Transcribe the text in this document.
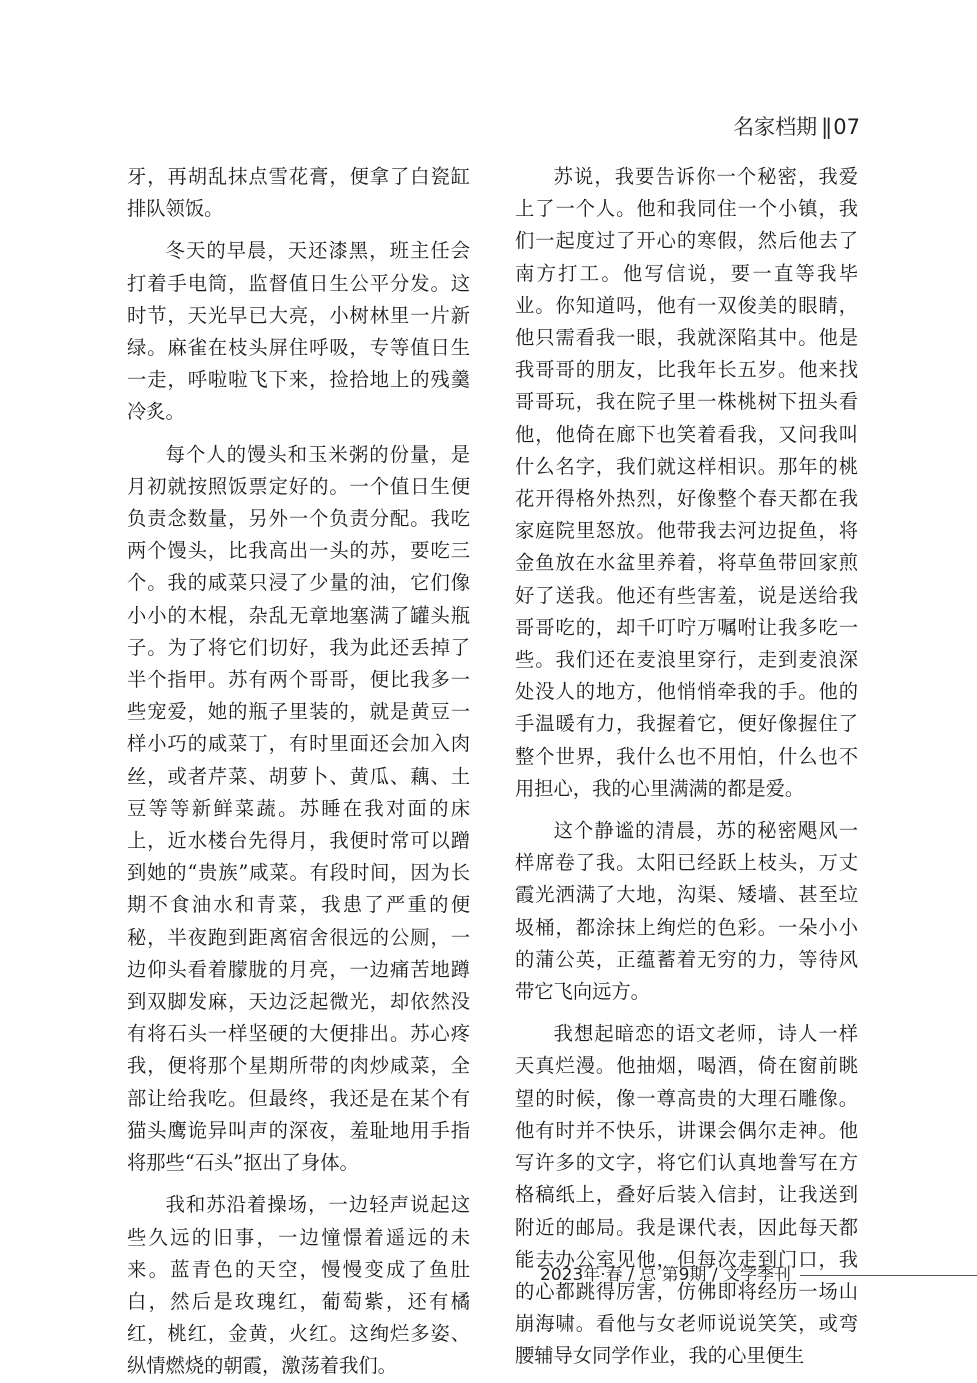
名家档期 || 07

牙，再胡乱抹点雪花膏，便拿了白瓷缸排队领饭。

冬天的早晨，天还漆黑，班主任会打着手电筒，监督值日生公平分发。这时节，天光早已大亮，小树林里一片新绿。麻雀在枝头屏住呼吸，专等值日生一走，呼啦啦飞下来，捡拾地上的残羹冷炙。

每个人的馒头和玉米粥的份量，是月初就按照饭票定好的。一个值日生便负责念数量，另外一个负责分配。我吃两个馒头，比我高出一头的苏，要吃三个。我的咸菜只浸了少量的油，它们像小小的木棍，杂乱无章地塞满了罐头瓶子。为了将它们切好，我为此还丢掉了半个指甲。苏有两个哥哥，便比我多一些宠爱，她的瓶子里装的，就是黄豆一样小巧的咸菜丁，有时里面还会加入肉丝，或者芹菜、胡萝卜、黄瓜、藕、土豆等等新鲜菜蔬。苏睡在我对面的床上，近水楼台先得月，我便时常可以蹭到她的“贵族”咸菜。有段时间，因为长期不食油水和青菜，我患了严重的便秘，半夜跑到距离宿舍很远的公厕，一边仰头看着朦胧的月亮，一边痛苦地蹲到双脚发麻，天边泛起微光，却依然没有将石头一样坚硬的大便排出。苏心疼我，便将那个星期所带的肉炒咸菜，全部让给我吃。但最终，我还是在某个有猫头鹰诡异叫声的深夜，羞耻地用手指将那些“石头”抠出了身体。

我和苏沿着操场，一边轻声说起这些久远的旧事，一边憧憬着遥远的未来。蓝青色的天空，慢慢变成了鱼肚白，然后是玫瑰红，葡萄紫，还有橘红，桃红，金黄，火红。这绚烂多姿、纵情燃烧的朝霞，激荡着我们。

苏说，我要告诉你一个秘密，我爱上了一个人。他和我同住一个小镇，我们一起度过了开心的寒假，然后他去了南方打工。他写信说，要一直等我毕业。你知道吗，他有一双俊美的眼睛，他只需看我一眼，我就深陷其中。他是我哥哥的朋友，比我年长五岁。他来找哥哥玩，我在院子里一株桃树下扭头看他，他倚在廊下也笑着看我，又问我叫什么名字，我们就这样相识。那年的桃花开得格外热烈，好像整个春天都在我家庭院里怒放。他带我去河边捉鱼，将金鱼放在水盆里养着，将草鱼带回家煎好了送我。他还有些害羞，说是送给我哥哥吃的，却千叮咛万嘱咐让我多吃一些。我们还在麦浪里穿行，走到麦浪深处没人的地方，他悄悄牵我的手。他的手温暖有力，我握着它，便好像握住了整个世界，我什么也不用怕，什么也不用担心，我的心里满满的都是爱。

这个静谧的清晨，苏的秘密飓风一样席卷了我。太阳已经跃上枝头，万丈霞光洒满了大地，沟渠、矮墙、甚至垃圾桶，都涂抹上绚烂的色彩。一朵小小的蒲公英，正蕴蓄着无穷的力，等待风带它飞向远方。

我想起暗恋的语文老师，诗人一样天真烂漫。他抽烟，喝酒，倚在窗前眺望的时候，像一尊高贵的大理石雕像。他有时并不快乐，讲课会偶尔走神。他写许多的文字，将它们认真地誊写在方格稿纸上，叠好后装入信封，让我送到附近的邮局。我是课代表，因此每天都能去办公室见他，但每次走到门口，我的心都跳得厉害，仿佛即将经历一场山崩海啸。看他与女老师说说笑笑，或弯腰辅导女同学作业，我的心里便生

2023年·春 / 总 第9期 / 文学季刊
